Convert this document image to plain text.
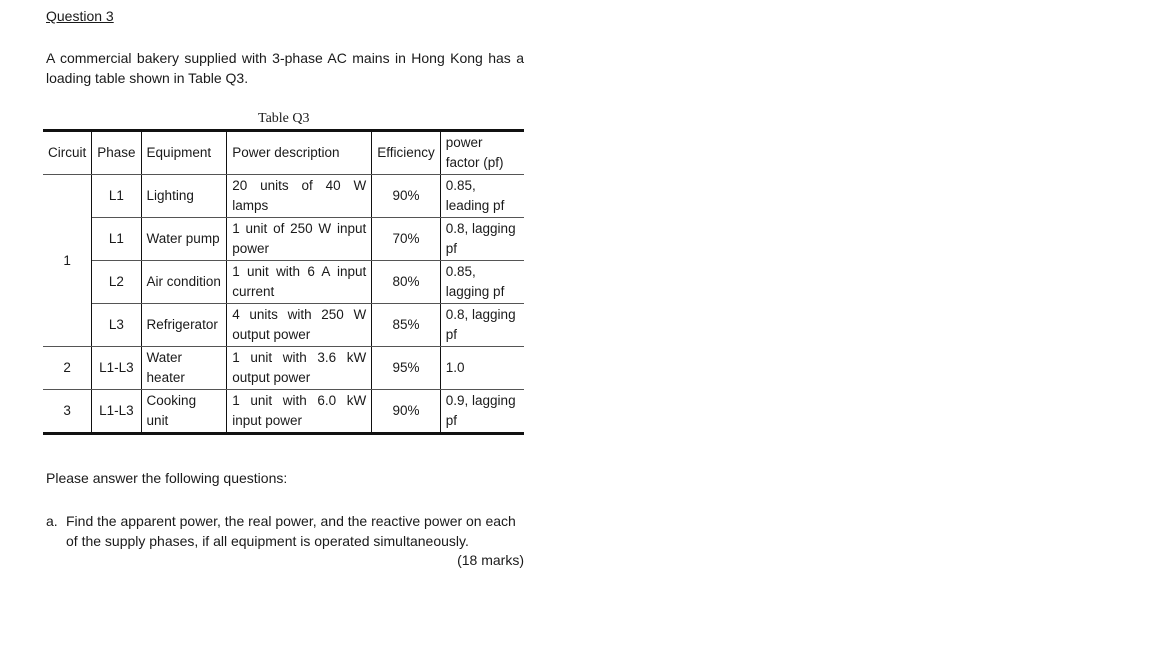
Question 3
A commercial bakery supplied with 3-phase AC mains in Hong Kong has a loading table shown in Table Q3.
Table Q3
Circuit	Phase	Equipment	Power description	Efficiency	power factor (pf)
1	L1	Lighting	20 units of 40 W lamps	90%	0.85, leading pf
	L1	Water pump	1 unit of 250 W input power	70%	0.8, lagging pf
	L2	Air condition	1 unit with 6 A input current	80%	0.85, lagging pf
	L3	Refrigerator	4 units with 250 W output power	85%	0.8, lagging pf
2	L1-L3	Water heater	1 unit with 3.6 kW output power	95%	1.0
3	L1-L3	Cooking unit	1 unit with 6.0 kW input power	90%	0.9, lagging pf
Please answer the following questions:
a. Find the apparent power, the real power, and the reactive power on each of the supply phases, if all equipment is operated simultaneously.
(18 marks)
